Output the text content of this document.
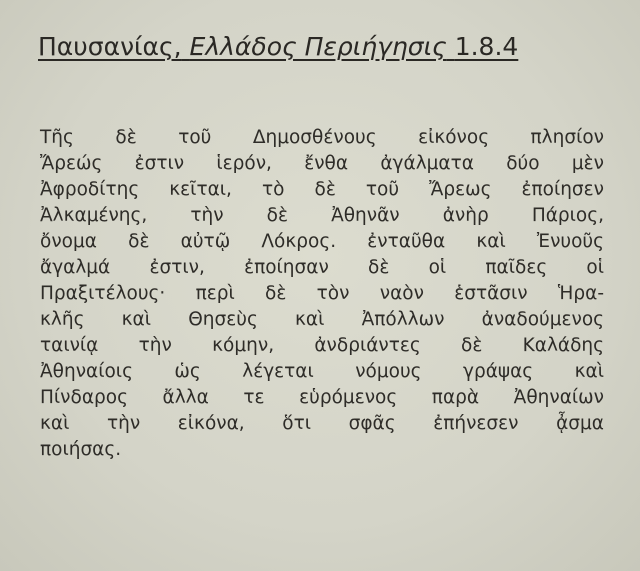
Παυσανίας, Ελλάδος Περιήγησις 1.8.4
Τῆς δὲ τοῦ Δημοσθένους εἰκόνος πλησίον
Ἄρεώς ἐστιν ἱερόν, ἔνθα ἀγάλματα δύο μὲν
Ἀφροδίτης κεῖται, τὸ δὲ τοῦ Ἄρεως ἐποίησεν
Ἀλκαμένης, τὴν δὲ Ἀθηνᾶν ἀνὴρ Πάριος,
ὄνομα δὲ αὐτῷ Λόκρος. ἐνταῦθα καὶ Ἐνυοῦς
ἄγαλμά ἐστιν, ἐποίησαν δὲ οἱ παῖδες οἱ
Πραξιτέλους· περὶ δὲ τὸν ναὸν ἑστᾶσιν Ἡρα-
κλῆς καὶ Θησεὺς καὶ Ἀπόλλων ἀναδούμενος
ταινίᾳ τὴν κόμην, ἀνδριάντες δὲ Καλάδης
Ἀθηναίοις ὡς λέγεται νόμους γράψας καὶ
Πίνδαρος ἄλλα τε εὑρόμενος παρὰ Ἀθηναίων
καὶ τὴν εἰκόνα, ὅτι σφᾶς ἐπήνεσεν ᾆσμα
ποιήσας.
